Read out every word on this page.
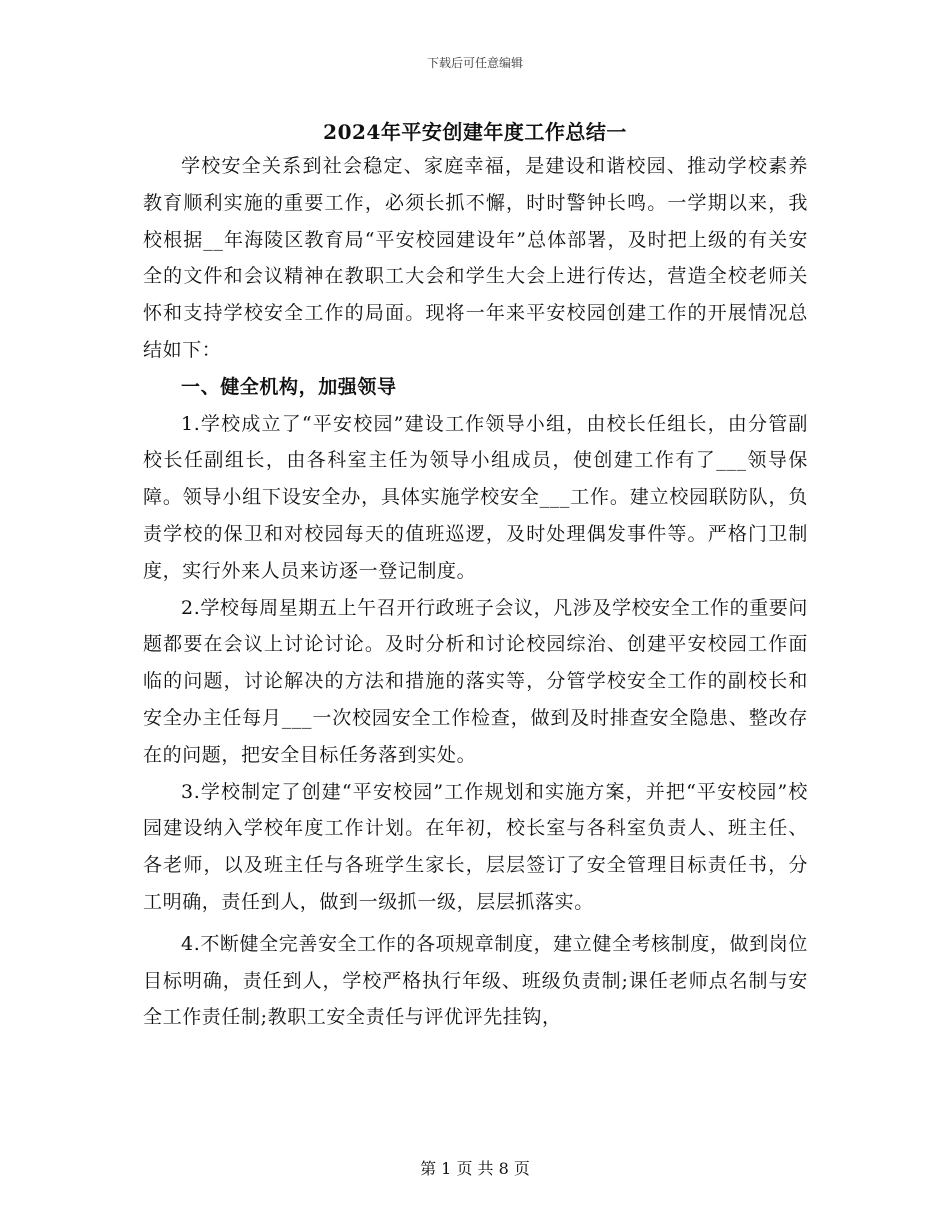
下载后可任意编辑

2024年平安创建年度工作总结一

学校安全关系到社会稳定、家庭幸福，是建设和谐校园、推动学校素养教育顺利实施的重要工作，必须长抓不懈，时时警钟长鸣。一学期以来，我校根据__年海陵区教育局“平安校园建设年”总体部署，及时把上级的有关安全的文件和会议精神在教职工大会和学生大会上进行传达，营造全校老师关怀和支持学校安全工作的局面。现将一年来平安校园创建工作的开展情况总结如下：

一、健全机构，加强领导

1.学校成立了“平安校园”建设工作领导小组，由校长任组长，由分管副校长任副组长，由各科室主任为领导小组成员，使创建工作有了___领导保障。领导小组下设安全办，具体实施学校安全___工作。建立校园联防队，负责学校的保卫和对校园每天的值班巡逻，及时处理偶发事件等。严格门卫制度，实行外来人员来访逐一登记制度。

2.学校每周星期五上午召开行政班子会议，凡涉及学校安全工作的重要问题都要在会议上讨论讨论。及时分析和讨论校园综治、创建平安校园工作面临的问题，讨论解决的方法和措施的落实等，分管学校安全工作的副校长和安全办主任每月___一次校园安全工作检查，做到及时排查安全隐患、整改存在的问题，把安全目标任务落到实处。

3.学校制定了创建“平安校园”工作规划和实施方案，并把“平安校园”校园建设纳入学校年度工作计划。在年初，校长室与各科室负责人、班主任、各老师，以及班主任与各班学生家长，层层签订了安全管理目标责任书，分工明确，责任到人，做到一级抓一级，层层抓落实。

4.不断健全完善安全工作的各项规章制度，建立健全考核制度，做到岗位目标明确，责任到人，学校严格执行年级、班级负责制;课任老师点名制与安全工作责任制;教职工安全责任与评优评先挂钩，

第 1 页 共 8 页
